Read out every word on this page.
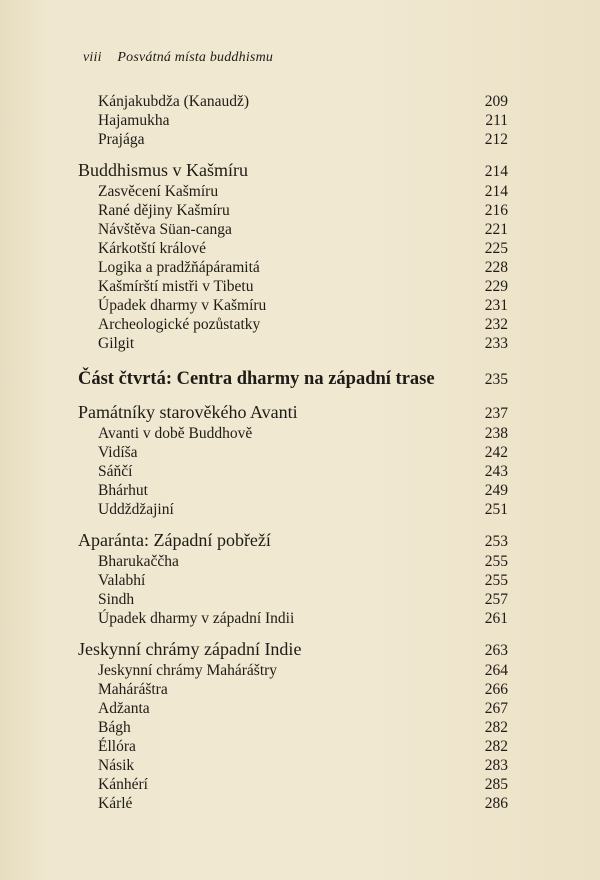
viii Posvátná místa buddhismu
Kánjakubdža (Kanaudž)	209
Hajamukha	211
Prajága	212
Buddhismus v Kašmíru	214
Zasvěcení Kašmíru	214
Rané dějiny Kašmíru	216
Návštěva Süan-canga	221
Kárkotští králové	225
Logika a pradžňápáramitá	228
Kašmírští mistři v Tibetu	229
Úpadek dharmy v Kašmíru	231
Archeologické pozůstatky	232
Gilgit	233
Část čtvrtá: Centra dharmy na západní trase	235
Památníky starověkého Avanti	237
Avanti v době Buddhově	238
Vidíša	242
Sáňčí	243
Bhárhut	249
Uddždžajiní	251
Aparánta: Západní pobřeží	253
Bharukaččha	255
Valabhí	255
Sindh	257
Úpadek dharmy v západní Indii	261
Jeskynní chrámy západní Indie	263
Jeskynní chrámy Maháráštry	264
Maháráštra	266
Adžanta	267
Bágh	282
Éllóra	282
Násik	283
Kánhérí	285
Kárlé	286
